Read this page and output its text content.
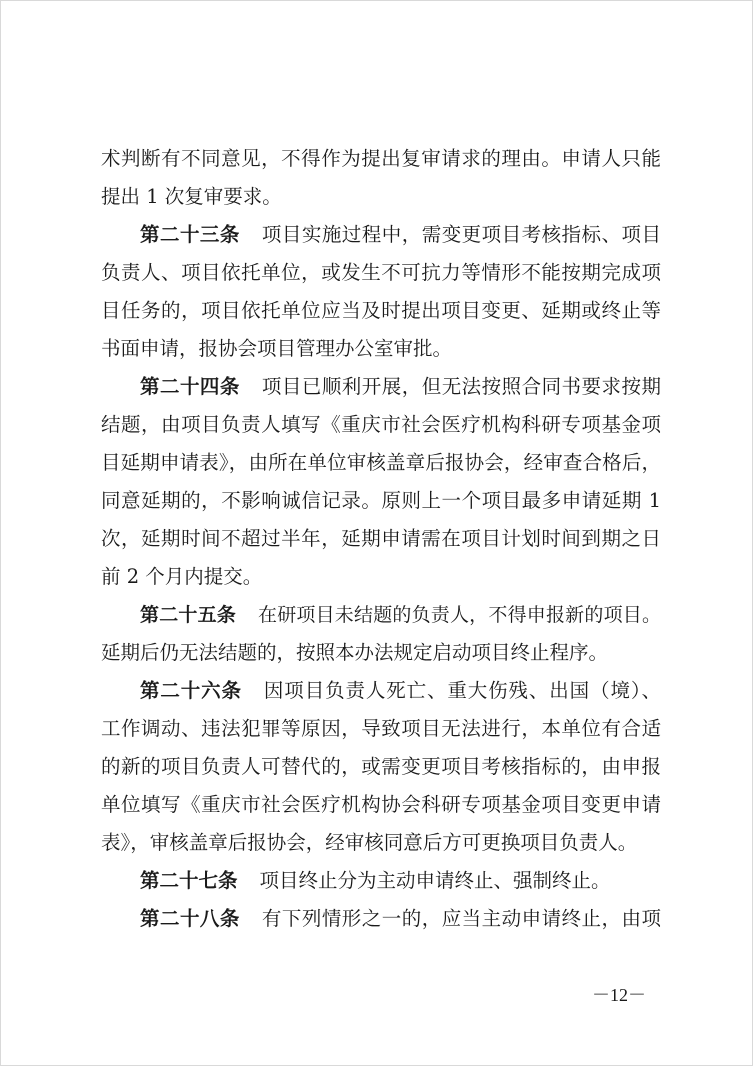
术判断有不同意见，不得作为提出复审请求的理由。申请人只能
提出 1 次复审要求。
第二十三条 项目实施过程中，需变更项目考核指标、项目
负责人、项目依托单位，或发生不可抗力等情形不能按期完成项
目任务的，项目依托单位应当及时提出项目变更、延期或终止等
书面申请，报协会项目管理办公室审批。
第二十四条 项目已顺利开展，但无法按照合同书要求按期
结题，由项目负责人填写《重庆市社会医疗机构科研专项基金项
目延期申请表》，由所在单位审核盖章后报协会，经审查合格后，
同意延期的，不影响诚信记录。原则上一个项目最多申请延期 1
次，延期时间不超过半年，延期申请需在项目计划时间到期之日
前 2 个月内提交。
第二十五条 在研项目未结题的负责人，不得申报新的项目。
延期后仍无法结题的，按照本办法规定启动项目终止程序。
第二十六条 因项目负责人死亡、重大伤残、出国（境）、
工作调动、违法犯罪等原因，导致项目无法进行，本单位有合适
的新的项目负责人可替代的，或需变更项目考核指标的，由申报
单位填写《重庆市社会医疗机构协会科研专项基金项目变更申请
表》，审核盖章后报协会，经审核同意后方可更换项目负责人。
第二十七条 项目终止分为主动申请终止、强制终止。
第二十八条 有下列情形之一的，应当主动申请终止，由项
－12－
